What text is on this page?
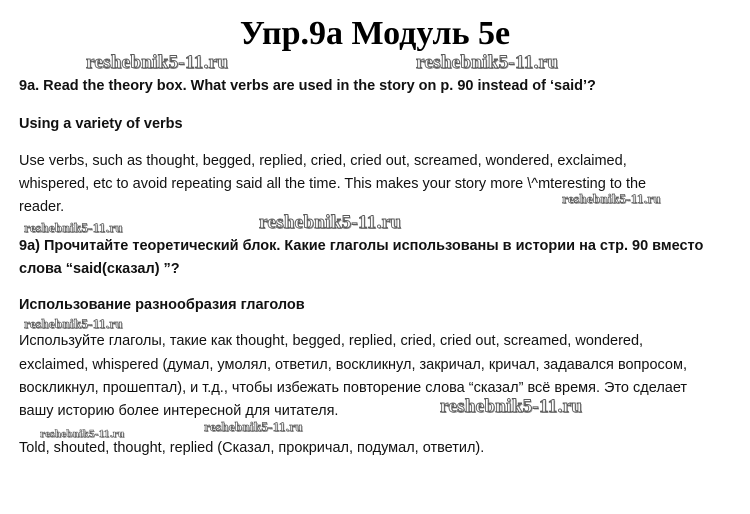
Упр.9а Модуль 5е
reshebnik5-11.ru	reshebnik5-11.ru
reshebnik5-11.ru
reshebnik5-11.ru
reshebnik5-11.ru
reshebnik5-11.ru
reshebnik5-11.ru
reshebnik5-11.ru	reshebnik5-11.ru
9a. Read the theory box. What verbs are used in the story on p. 90 instead of ‘said’?
Using a variety of verbs
Use verbs, such as thought, begged, replied, cried, cried out, screamed, wondered, exclaimed,
whispered, etc to avoid repeating said all the time. This makes your story more \^mteresting to the
reader.
9а) Прочитайте теоретический блок. Какие глаголы использованы в истории на стр. 90 вместо
слова “said(сказал) ”?
Использование разнообразия глаголов
Используйте глаголы, такие как thought, begged, replied, cried, cried out, screamed, wondered,
exclaimed, whispered (думал, умолял, ответил, воскликнул, закричал, кричал, задавался вопросом,
воскликнул, прошептал), и т.д., чтобы избежать повторение слова “сказал” всё время. Это сделает
вашу историю более интересной для читателя.
Told, shouted, thought, replied (Сказал, прокричал, подумал, ответил).
